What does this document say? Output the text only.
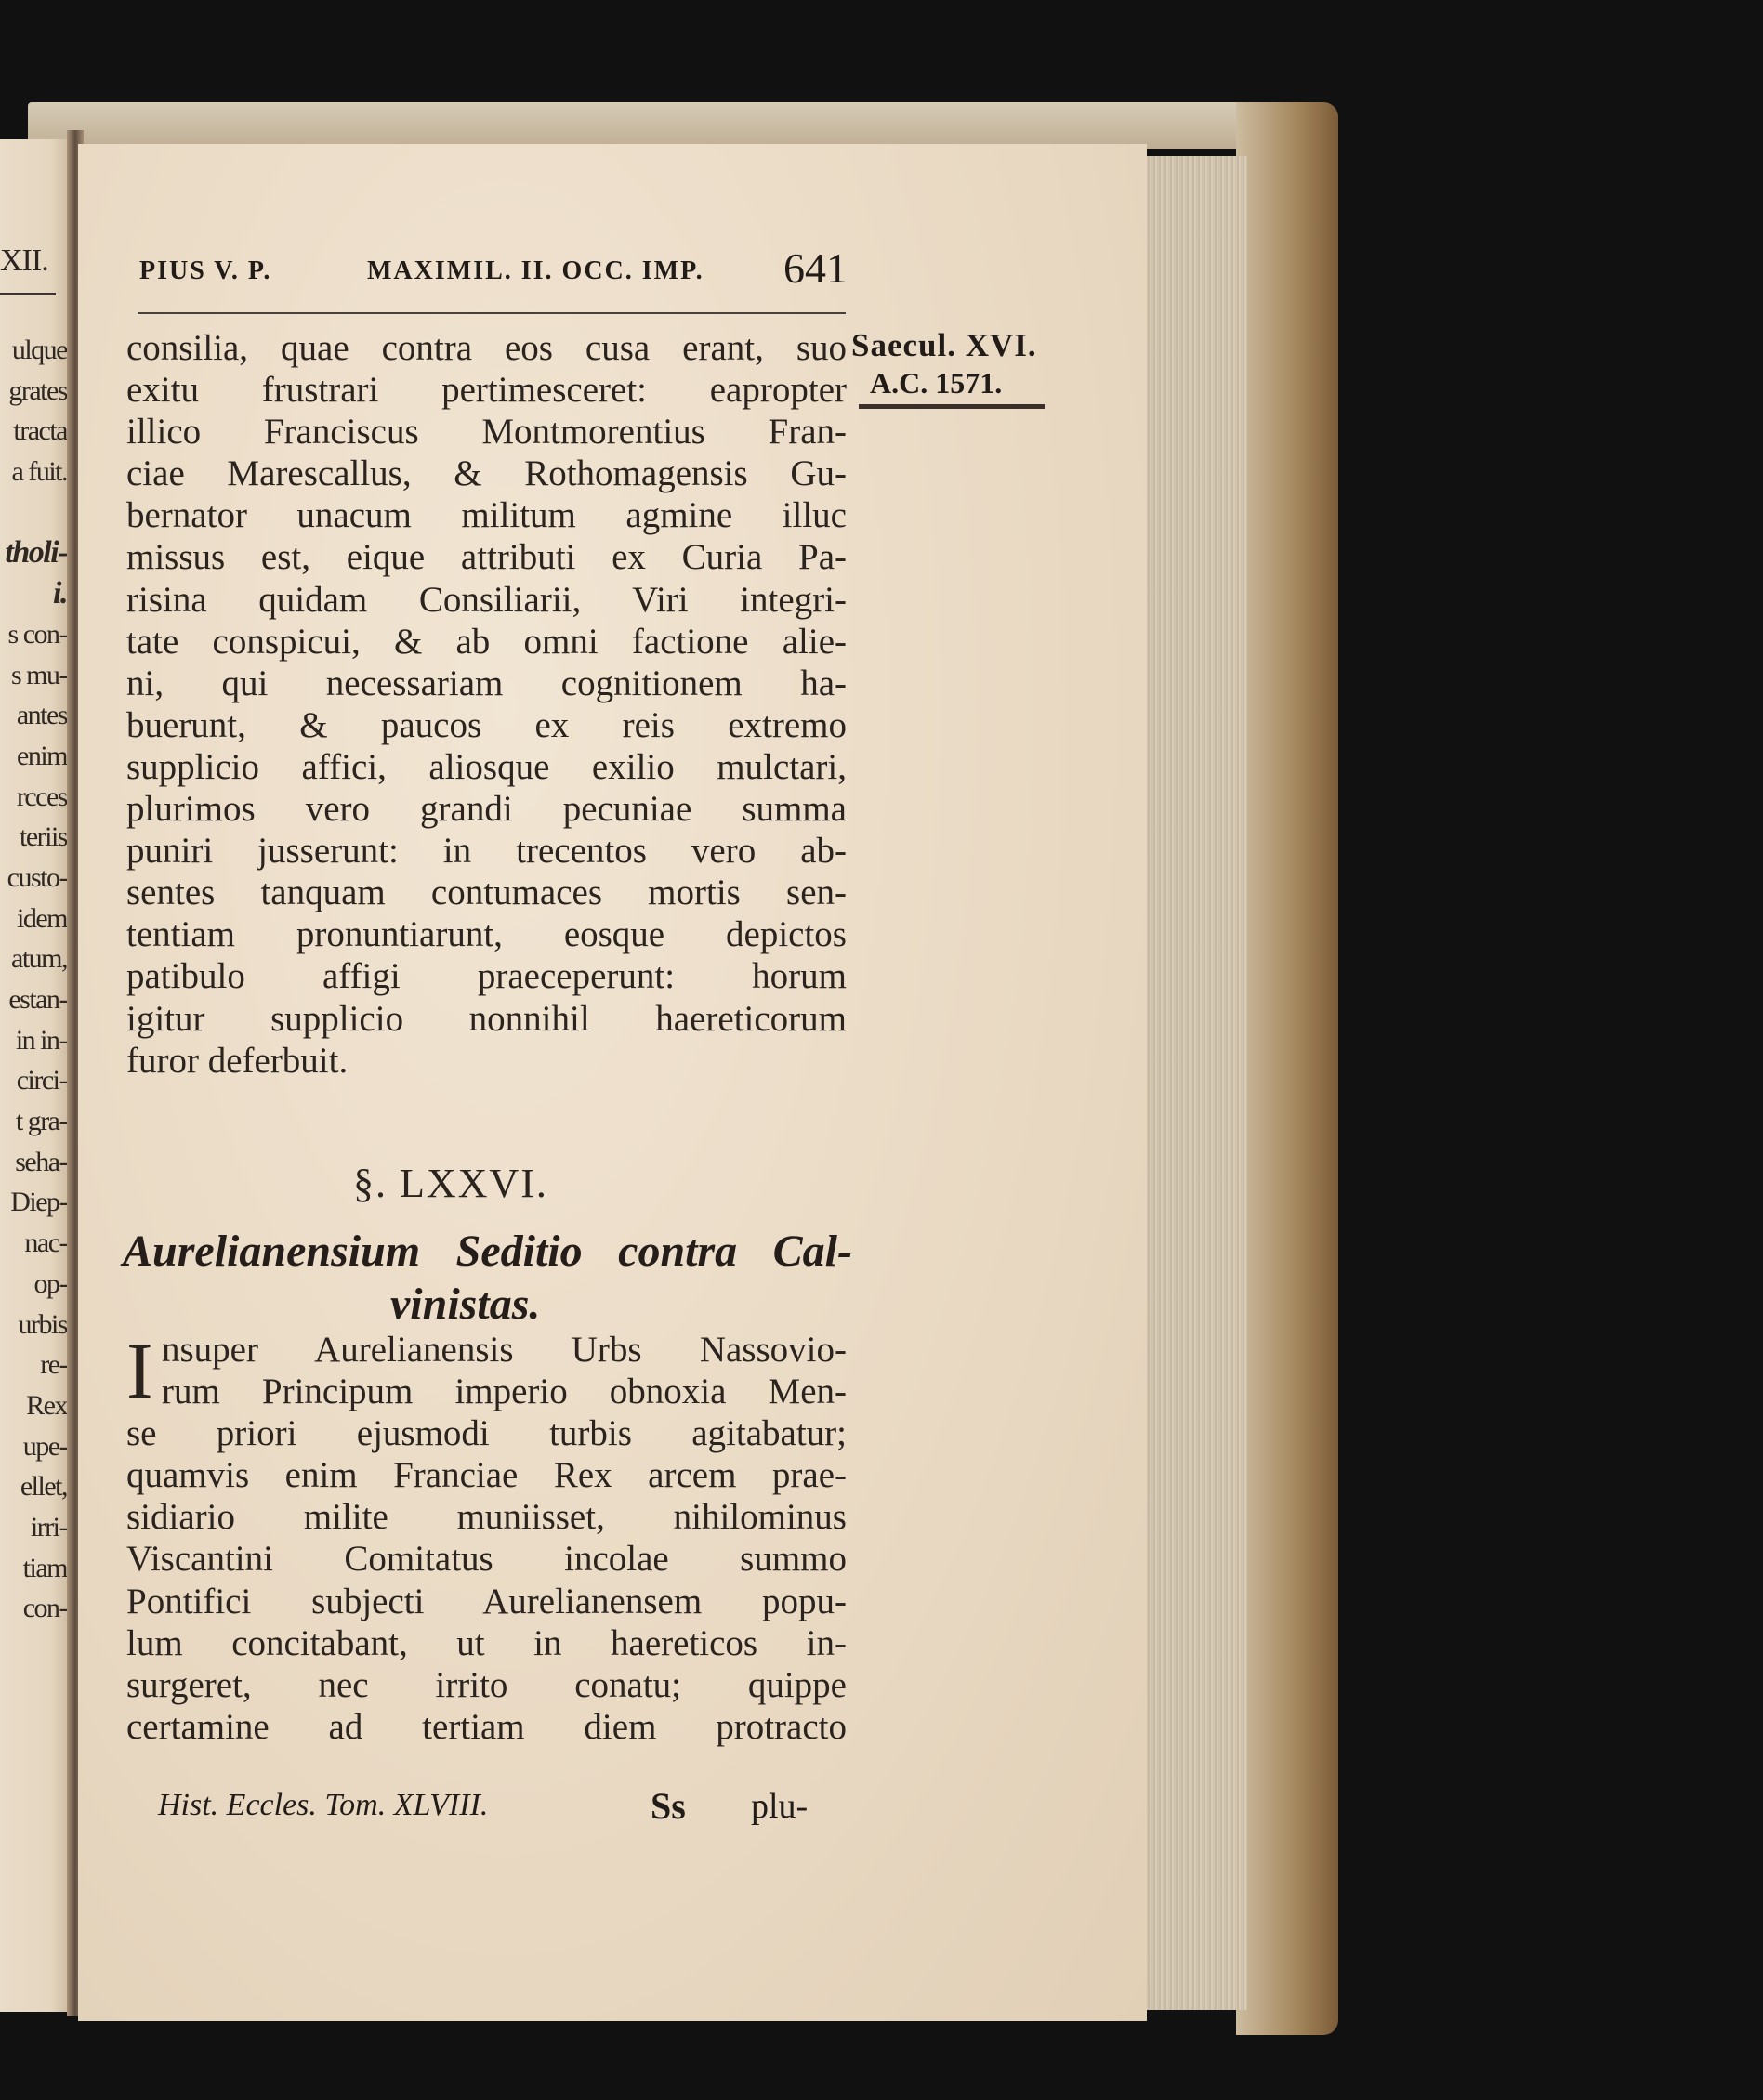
XII.
ulque
grates
tracta
a fuit.
tholi-
i.
s con-
s mu-
antes
enim
rcces
teriis
custo-
idem
atum,
estan-
in in-
circi-
t gra-
seha-
Diep-
nac-
op-
urbis
re-
Rex
upe-
ellet,
irri-
tiam
con-
PIUS V. P.	MAXIMIL. II. OCC. IMP. 641
Saecul. XVI.
A.C. 1571.
consilia, quae contra eos cusa erant, suo
exitu frustrari pertimesceret: eapropter
illico Franciscus Montmorentius Fran-
ciae Marescallus, & Rothomagensis Gu-
bernator unacum militum agmine illuc
missus est, eique attributi ex Curia Pa-
risina quidam Consiliarii, Viri integri-
tate conspicui, & ab omni factione alie-
ni, qui necessariam cognitionem ha-
buerunt, & paucos ex reis extremo
supplicio affici, aliosque exilio mulctari,
plurimos vero grandi pecuniae summa
puniri jusserunt: in trecentos vero ab-
sentes tanquam contumaces mortis sen-
tentiam pronuntiarunt, eosque depictos
patibulo affigi praeceperunt: horum
igitur supplicio nonnihil haereticorum
furor deferbuit.
§. LXXVI.
Aurelianensium Seditio contra Cal-
vinistas.
I nsuper Aurelianensis Urbs Nassovio-
rum Principum imperio obnoxia Men-
se priori ejusmodi turbis agitabatur;
quamvis enim Franciae Rex arcem prae-
sidiario milite muniisset, nihilominus
Viscantini Comitatus incolae summo
Pontifici subjecti Aurelianensem popu-
lum concitabant, ut in haereticos in-
surgeret, nec irrito conatu; quippe
certamine ad tertiam diem protracto
Hist. Eccles. Tom. XLVIII.	Ss plu-
